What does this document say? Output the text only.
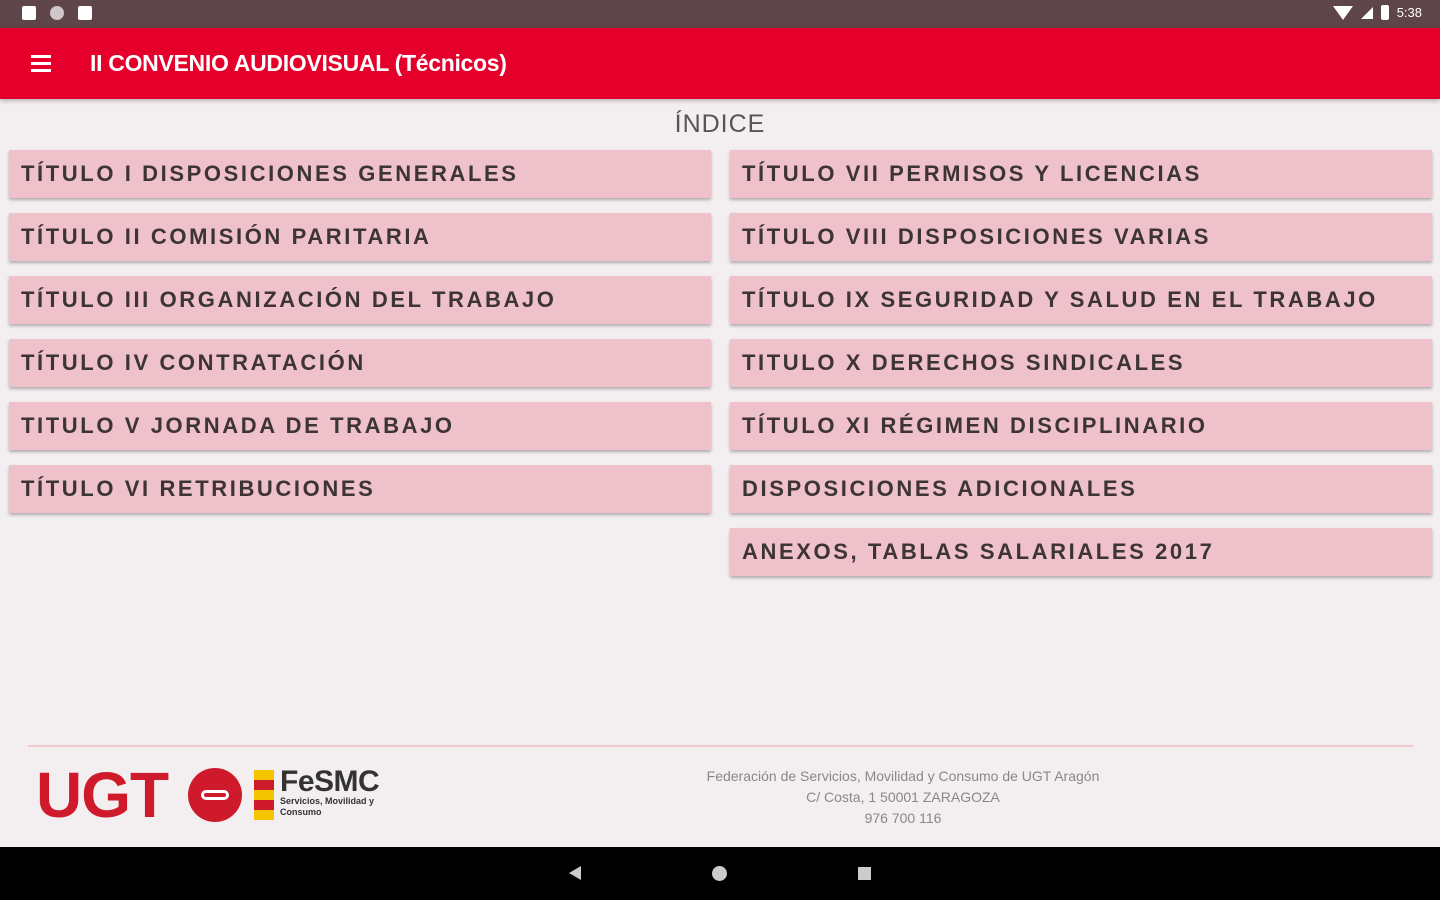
5:38
II CONVENIO AUDIOVISUAL (Técnicos)
ÍNDICE
TÍTULO I DISPOSICIONES GENERALES
TÍTULO II COMISIÓN PARITARIA
TÍTULO III ORGANIZACIÓN DEL TRABAJO
TÍTULO IV CONTRATACIÓN
TITULO V JORNADA DE TRABAJO
TÍTULO VI RETRIBUCIONES
TÍTULO VII PERMISOS Y LICENCIAS
TÍTULO VIII DISPOSICIONES VARIAS
TÍTULO IX SEGURIDAD Y SALUD EN EL TRABAJO
TITULO X DERECHOS SINDICALES
TÍTULO XI RÉGIMEN DISCIPLINARIO
DISPOSICIONES ADICIONALES
ANEXOS, TABLAS SALARIALES 2017
UGT	FeSMC
Servicios, Movilidad y Consumo
Federación de Servicios, Movilidad y Consumo de UGT Aragón
C/ Costa, 1 50001 ZARAGOZA
976 700 116
